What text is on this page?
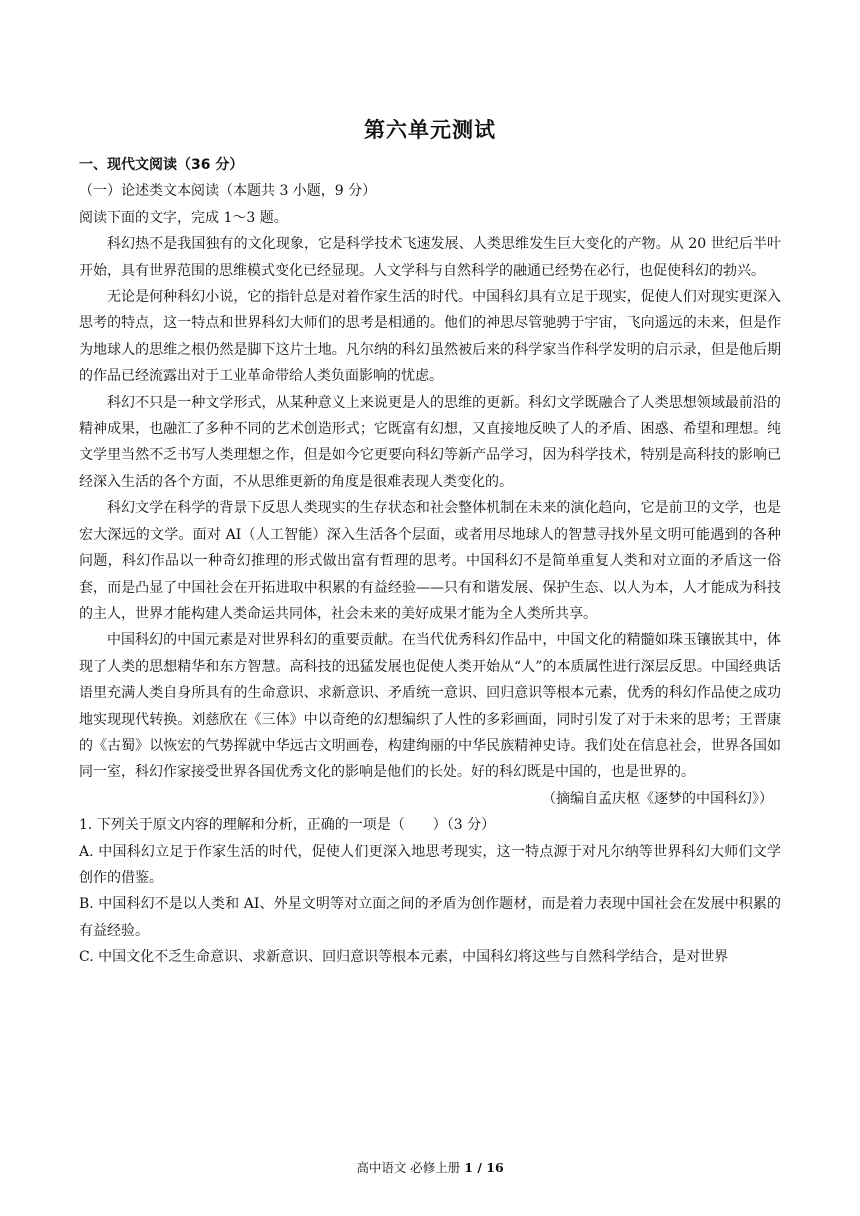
第六单元测试

一、现代文阅读（36 分）

（一）论述类文本阅读（本题共 3 小题，9 分）

阅读下面的文字，完成 1～3 题。

科幻热不是我国独有的文化现象，它是科学技术飞速发展、人类思维发生巨大变化的产物。从 20 世纪后半叶开始，具有世界范围的思维模式变化已经显现。人文学科与自然科学的融通已经势在必行，也促使科幻的勃兴。

无论是何种科幻小说，它的指针总是对着作家生活的时代。中国科幻具有立足于现实，促使人们对现实更深入思考的特点，这一特点和世界科幻大师们的思考是相通的。他们的神思尽管驰骋于宇宙，飞向遥远的未来，但是作为地球人的思维之根仍然是脚下这片土地。凡尔纳的科幻虽然被后来的科学家当作科学发明的启示录，但是他后期的作品已经流露出对于工业革命带给人类负面影响的忧虑。

科幻不只是一种文学形式，从某种意义上来说更是人的思维的更新。科幻文学既融合了人类思想领域最前沿的精神成果，也融汇了多种不同的艺术创造形式；它既富有幻想，又直接地反映了人的矛盾、困惑、希望和理想。纯文学里当然不乏书写人类理想之作，但是如今它更要向科幻等新产品学习，因为科学技术，特别是高科技的影响已经深入生活的各个方面，不从思维更新的角度是很难表现人类变化的。

科幻文学在科学的背景下反思人类现实的生存状态和社会整体机制在未来的演化趋向，它是前卫的文学，也是宏大深远的文学。面对 AI（人工智能）深入生活各个层面，或者用尽地球人的智慧寻找外星文明可能遇到的各种问题，科幻作品以一种奇幻推理的形式做出富有哲理的思考。中国科幻不是简单重复人类和对立面的矛盾这一俗套，而是凸显了中国社会在开拓进取中积累的有益经验——只有和谐发展、保护生态、以人为本，人才能成为科技的主人，世界才能构建人类命运共同体，社会未来的美好成果才能为全人类所共享。

中国科幻的中国元素是对世界科幻的重要贡献。在当代优秀科幻作品中，中国文化的精髓如珠玉镶嵌其中，体现了人类的思想精华和东方智慧。高科技的迅猛发展也促使人类开始从“人”的本质属性进行深层反思。中国经典话语里充满人类自身所具有的生命意识、求新意识、矛盾统一意识、回归意识等根本元素，优秀的科幻作品使之成功地实现现代转换。刘慈欣在《三体》中以奇绝的幻想编织了人性的多彩画面，同时引发了对于未来的思考；王晋康的《古蜀》以恢宏的气势挥就中华远古文明画卷，构建绚丽的中华民族精神史诗。我们处在信息社会，世界各国如同一室，科幻作家接受世界各国优秀文化的影响是他们的长处。好的科幻既是中国的，也是世界的。

（摘编自孟庆枢《逐梦的中国科幻》）

1. 下列关于原文内容的理解和分析，正确的一项是（　　）（3 分）

A. 中国科幻立足于作家生活的时代，促使人们更深入地思考现实，这一特点源于对凡尔纳等世界科幻大师们文学创作的借鉴。

B. 中国科幻不是以人类和 AI、外星文明等对立面之间的矛盾为创作题材，而是着力表现中国社会在发展中积累的有益经验。

C. 中国文化不乏生命意识、求新意识、回归意识等根本元素，中国科幻将这些与自然科学结合，是对世界

高中语文 必修上册 1 / 16
